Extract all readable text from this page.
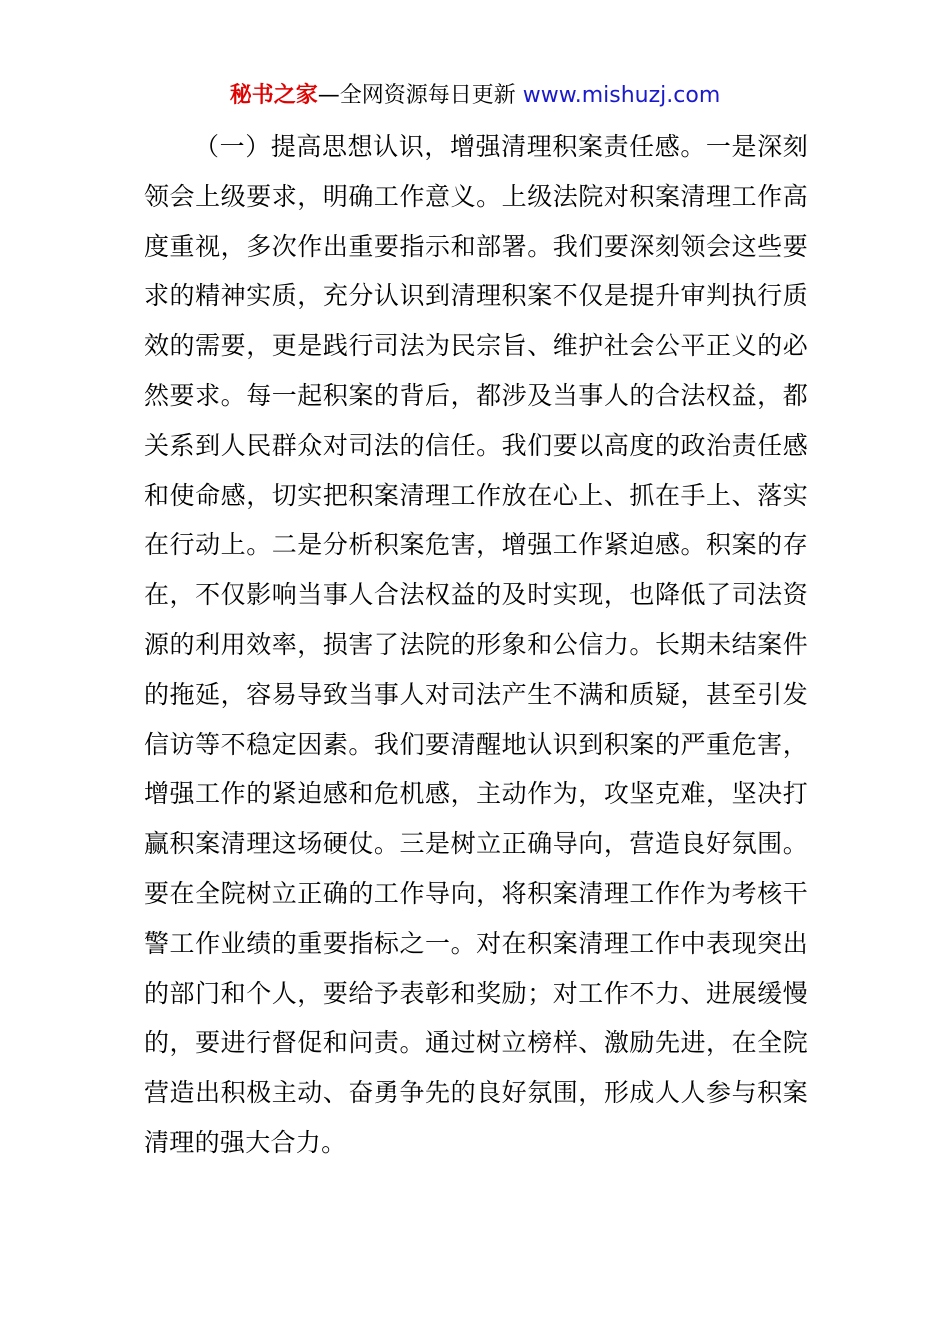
秘书之家—全网资源每日更新 www.mishuzj.com

（一）提高思想认识，增强清理积案责任感。一是深刻领会上级要求，明确工作意义。上级法院对积案清理工作高度重视，多次作出重要指示和部署。我们要深刻领会这些要求的精神实质，充分认识到清理积案不仅是提升审判执行质效的需要，更是践行司法为民宗旨、维护社会公平正义的必然要求。每一起积案的背后，都涉及当事人的合法权益，都关系到人民群众对司法的信任。我们要以高度的政治责任感和使命感，切实把积案清理工作放在心上、抓在手上、落实在行动上。二是分析积案危害，增强工作紧迫感。积案的存在，不仅影响当事人合法权益的及时实现，也降低了司法资源的利用效率，损害了法院的形象和公信力。长期未结案件的拖延，容易导致当事人对司法产生不满和质疑，甚至引发信访等不稳定因素。我们要清醒地认识到积案的严重危害，增强工作的紧迫感和危机感，主动作为，攻坚克难，坚决打赢积案清理这场硬仗。三是树立正确导向，营造良好氛围。要在全院树立正确的工作导向，将积案清理工作作为考核干警工作业绩的重要指标之一。对在积案清理工作中表现突出的部门和个人，要给予表彰和奖励；对工作不力、进展缓慢的，要进行督促和问责。通过树立榜样、激励先进，在全院营造出积极主动、奋勇争先的良好氛围，形成人人参与积案清理的强大合力。
